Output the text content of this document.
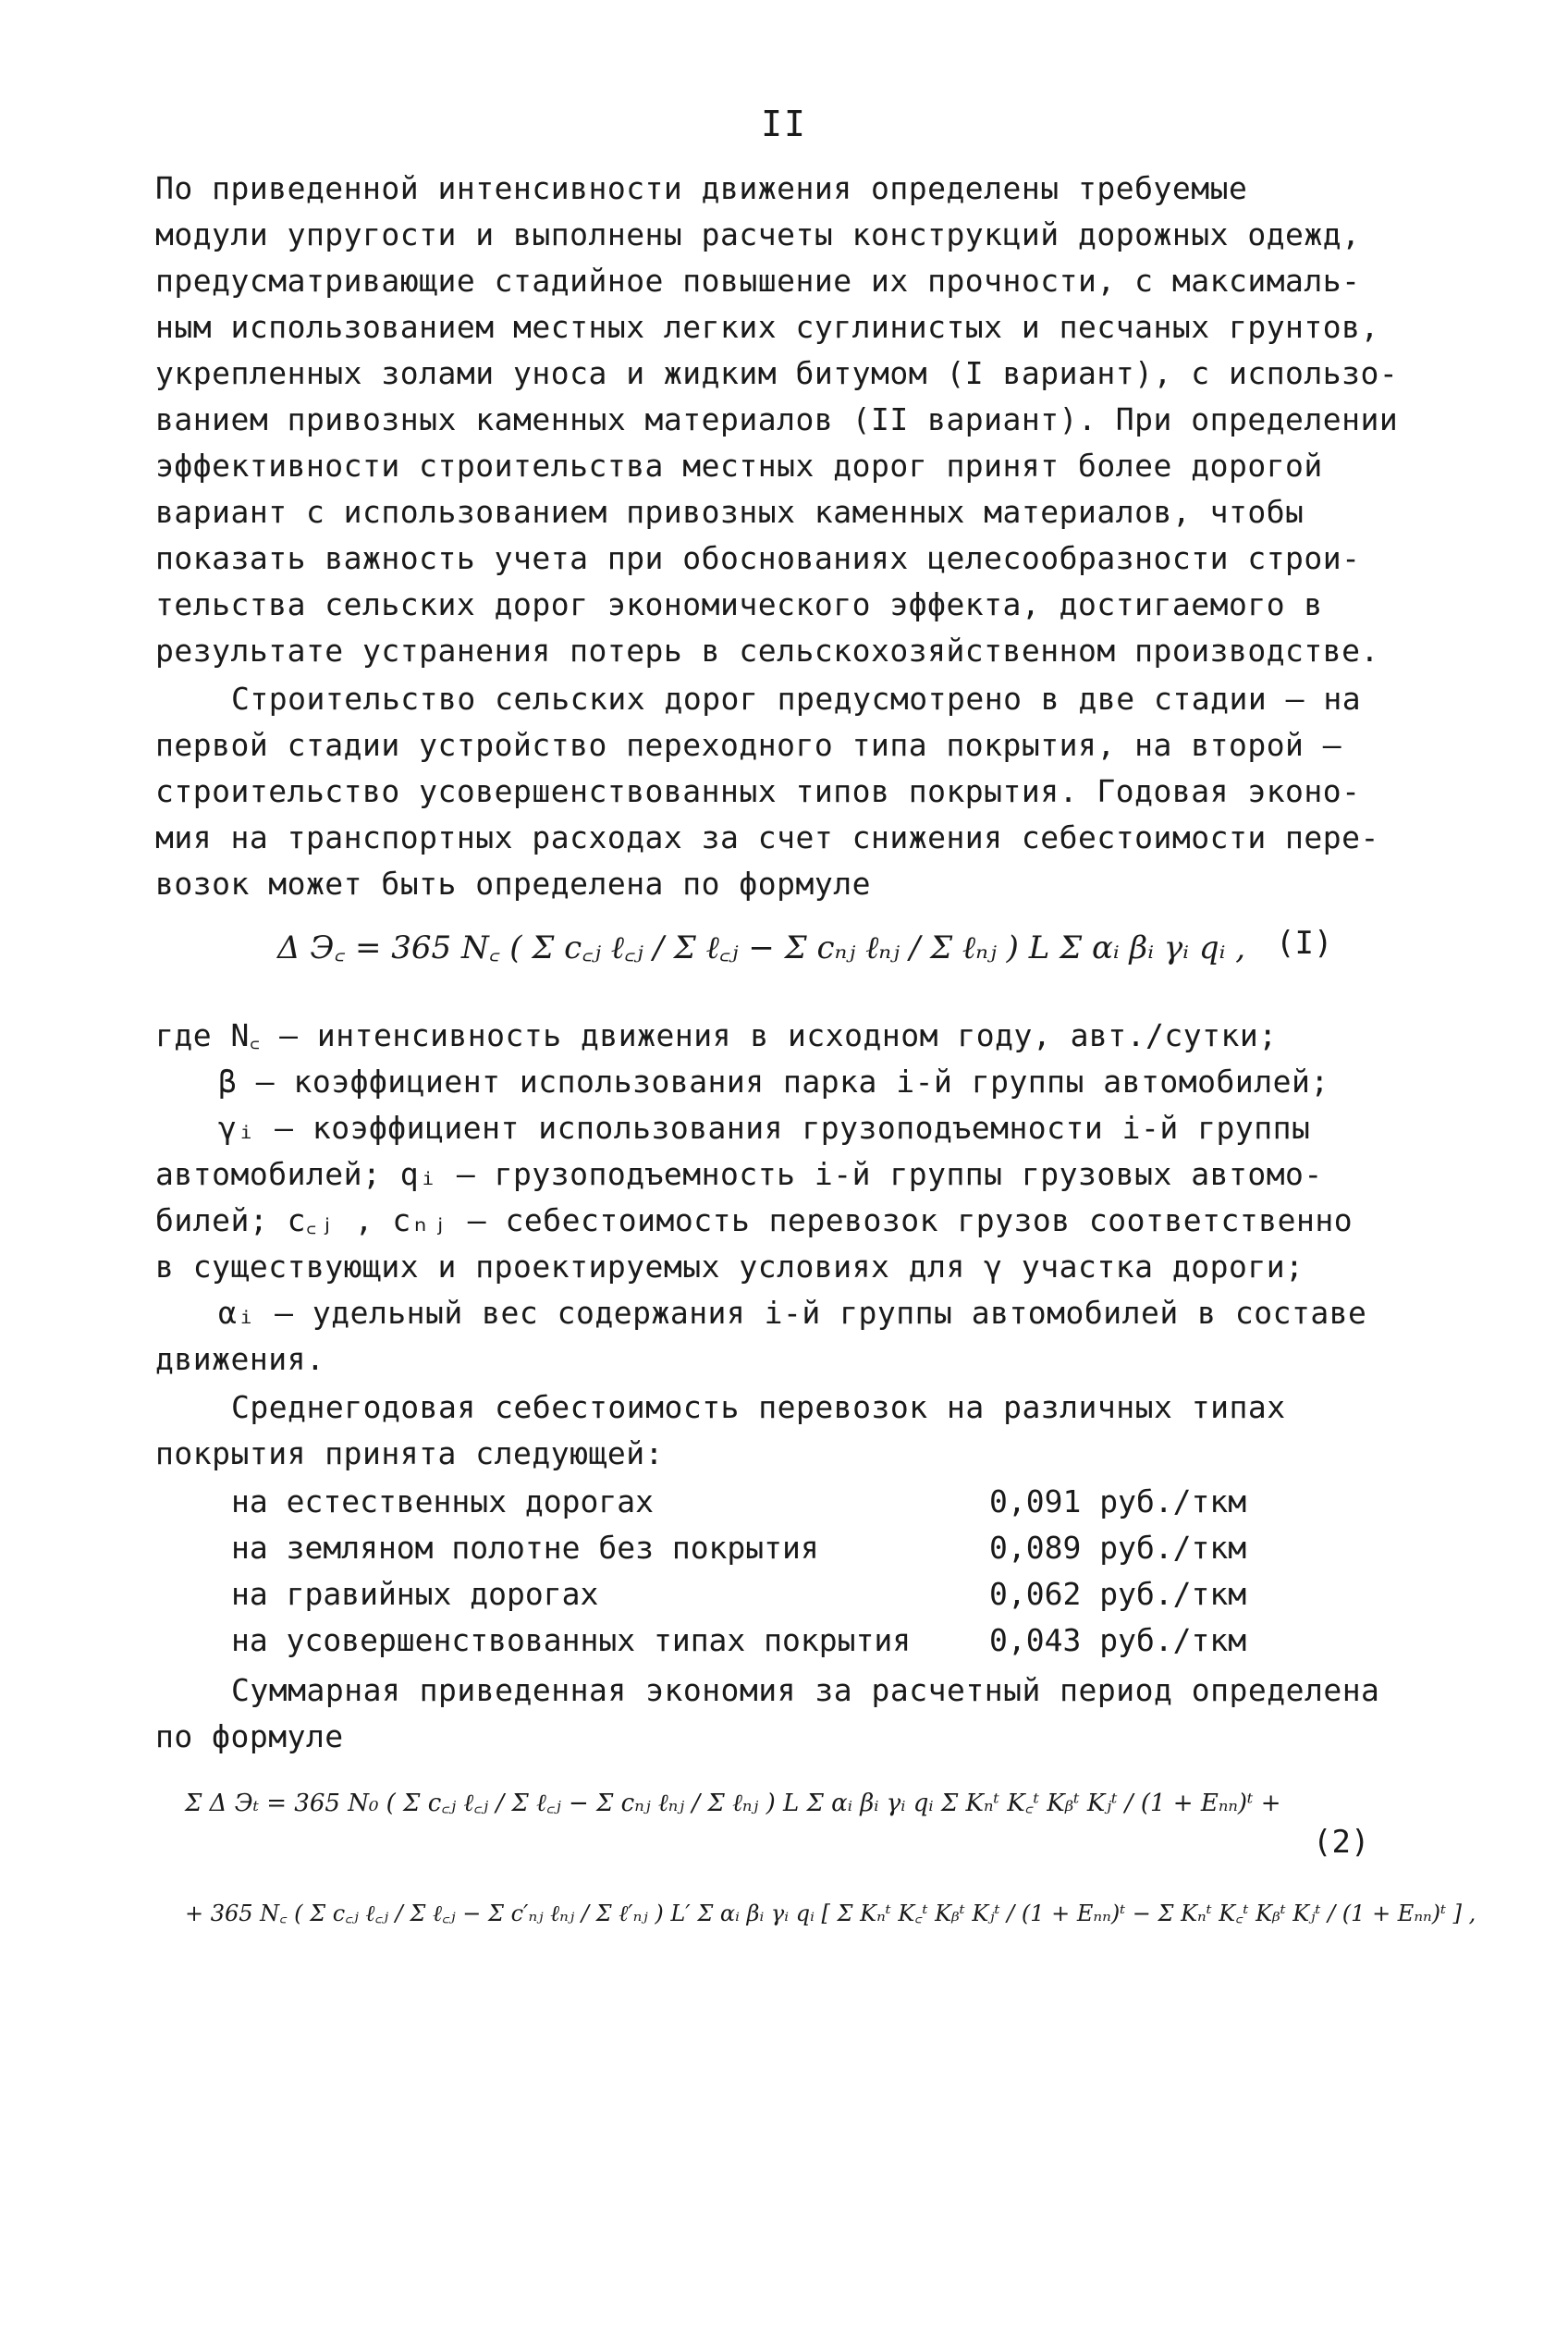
II
По приведенной интенсивности движения определены требуемые
модули упругости и выполнены расчеты конструкций дорожных одежд,
предусматривающие стадийное повышение их прочности, с максималь-
ным использованием местных легких суглинистых и песчаных грунтов,
укрепленных золами уноса и жидким битумом (I вариант), с использо-
ванием привозных каменных материалов (II вариант). При определении
эффективности строительства местных дорог принят более дорогой
вариант с использованием привозных каменных материалов, чтобы
показать важность учета при обоснованиях целесообразности строи-
тельства сельских дорог экономического эффекта, достигаемого в
результате устранения потерь в сельскохозяйственном производстве.
Строительство сельских дорог предусмотрено в две стадии – на
первой стадии устройство переходного типа покрытия, на второй –
строительство усовершенствованных типов покрытия. Годовая эконо-
мия на транспортных расходах за счет снижения себестоимости пере-
возок может быть определена по формуле
Δ Э꜀ = 365 N꜀ ( Σ c꜀ⱼ ℓ꜀ⱼ / Σ ℓ꜀ⱼ − Σ cₙⱼ ℓₙⱼ / Σ ℓₙⱼ ) L Σ αᵢ βᵢ γᵢ qᵢ , (I)
где N꜀ – интенсивность движения в исходном году, авт./сутки;
β – коэффициент использования парка i-й группы автомобилей;
γᵢ – коэффициент использования грузоподъемности i-й группы
автомобилей; qᵢ – грузоподъемность i-й группы грузовых автомо-
билей; c꜀ⱼ , cₙⱼ – себестоимость перевозок грузов соответственно
в существующих и проектируемых условиях для γ участка дороги;
αᵢ – удельный вес содержания i-й группы автомобилей в составе
движения.
Среднегодовая себестоимость перевозок на различных типах
покрытия принята следующей:
на естественных дорогах	0,091 руб./ткм
на земляном полотне без покрытия	0,089 руб./ткм
на гравийных дорогах	0,062 руб./ткм
на усовершенствованных типах покрытия	0,043 руб./ткм
Суммарная приведенная экономия за расчетный период определена
по формуле
Σ Δ Эₜ = 365 N₀ ( Σ c꜀ⱼ ℓ꜀ⱼ / Σ ℓ꜀ⱼ − Σ cₙⱼ ℓₙⱼ / Σ ℓₙⱼ ) L Σ αᵢ βᵢ γᵢ qᵢ Σ Kₙᵗ K꜀ᵗ Kᵦᵗ Kⱼᵗ / (1 + Eₙₙ)ᵗ +
(2)
+ 365 N꜀ ( Σ c꜀ⱼ ℓ꜀ⱼ / Σ ℓ꜀ⱼ − Σ c′ₙⱼ ℓₙⱼ / Σ ℓ′ₙⱼ ) L′ Σ αᵢ βᵢ γᵢ qᵢ [ Σ Kₙᵗ K꜀ᵗ Kᵦᵗ Kⱼᵗ / (1 + Eₙₙ)ᵗ − Σ Kₙᵗ K꜀ᵗ Kᵦᵗ Kⱼᵗ / (1 + Eₙₙ)ᵗ ] ,
